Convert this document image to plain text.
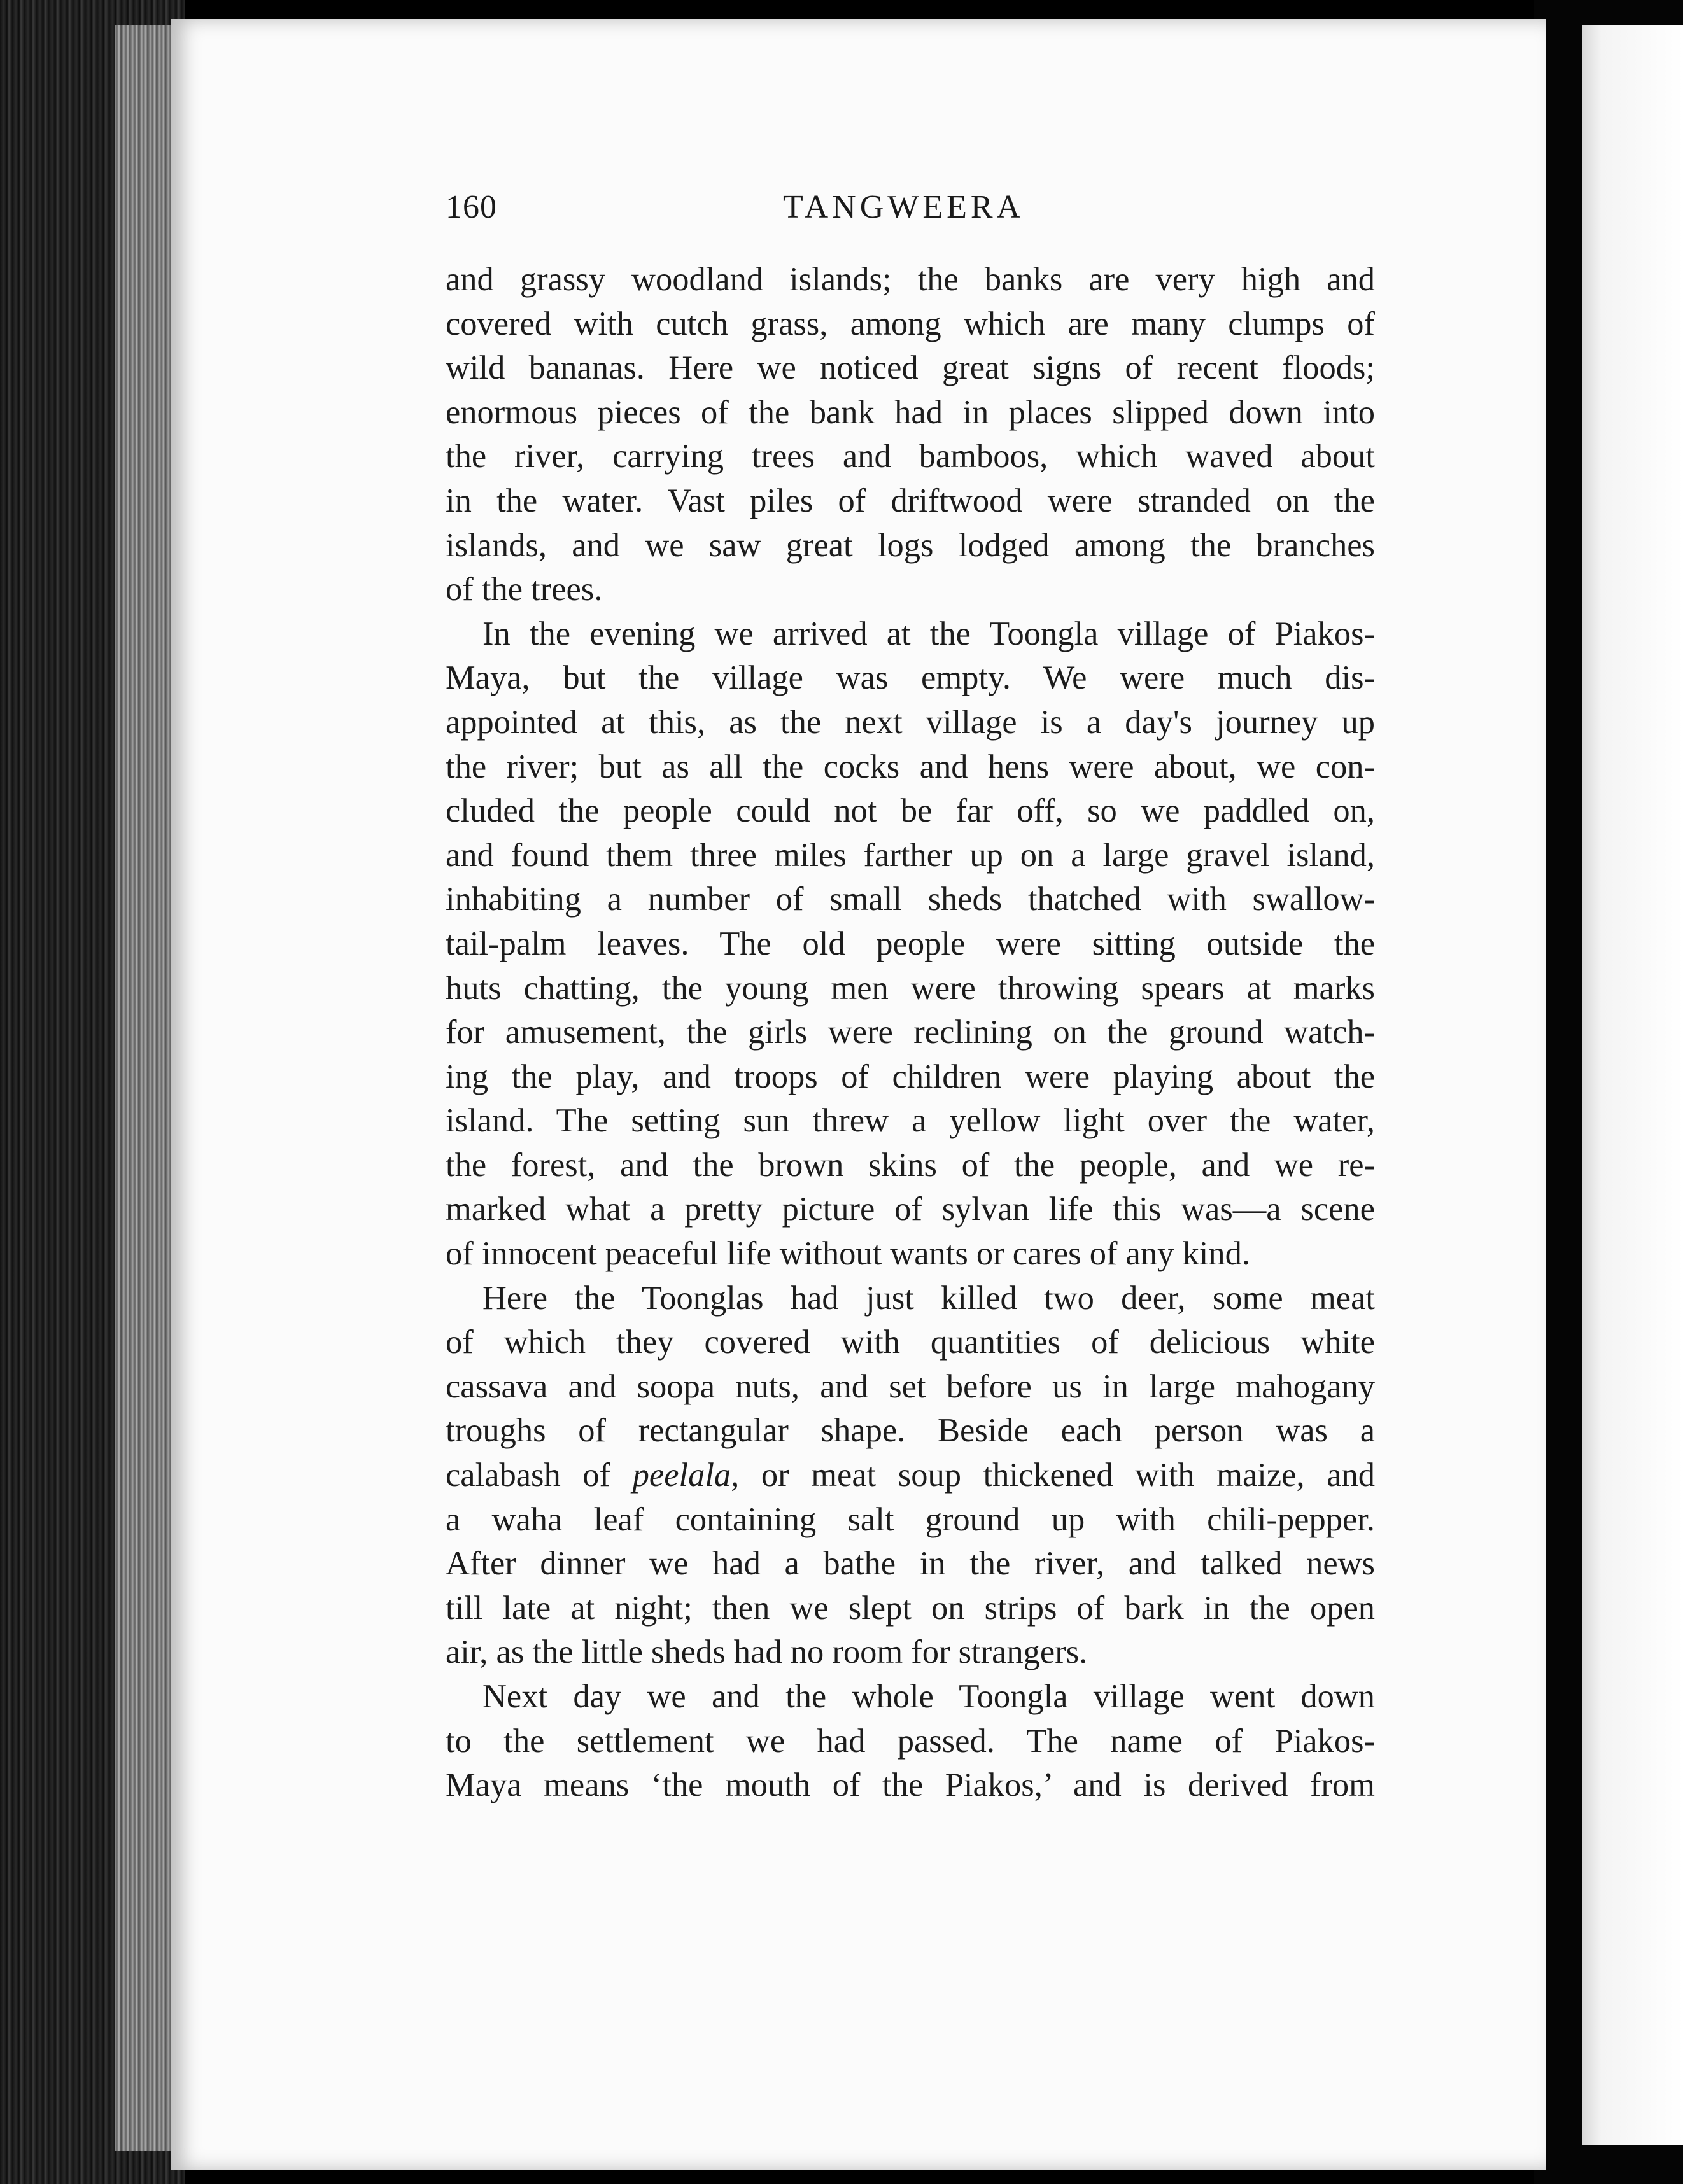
160	TANGWEERA
and grassy woodland islands; the banks are very high and
covered with cutch grass, among which are many clumps of
wild bananas. Here we noticed great signs of recent floods;
enormous pieces of the bank had in places slipped down into
the river, carrying trees and bamboos, which waved about
in the water. Vast piles of driftwood were stranded on the
islands, and we saw great logs lodged among the branches
of the trees.
In the evening we arrived at the Toongla village of Piakos-
Maya, but the village was empty. We were much dis-
appointed at this, as the next village is a day's journey up
the river; but as all the cocks and hens were about, we con-
cluded the people could not be far off, so we paddled on,
and found them three miles farther up on a large gravel island,
inhabiting a number of small sheds thatched with swallow-
tail-palm leaves. The old people were sitting outside the
huts chatting, the young men were throwing spears at marks
for amusement, the girls were reclining on the ground watch-
ing the play, and troops of children were playing about the
island. The setting sun threw a yellow light over the water,
the forest, and the brown skins of the people, and we re-
marked what a pretty picture of sylvan life this was—a scene
of innocent peaceful life without wants or cares of any kind.
Here the Toonglas had just killed two deer, some meat
of which they covered with quantities of delicious white
cassava and soopa nuts, and set before us in large mahogany
troughs of rectangular shape. Beside each person was a
calabash of peelala, or meat soup thickened with maize, and
a waha leaf containing salt ground up with chili-pepper.
After dinner we had a bathe in the river, and talked news
till late at night; then we slept on strips of bark in the open
air, as the little sheds had no room for strangers.
Next day we and the whole Toongla village went down
to the settlement we had passed. The name of Piakos-
Maya means ‘the mouth of the Piakos,’ and is derived from
